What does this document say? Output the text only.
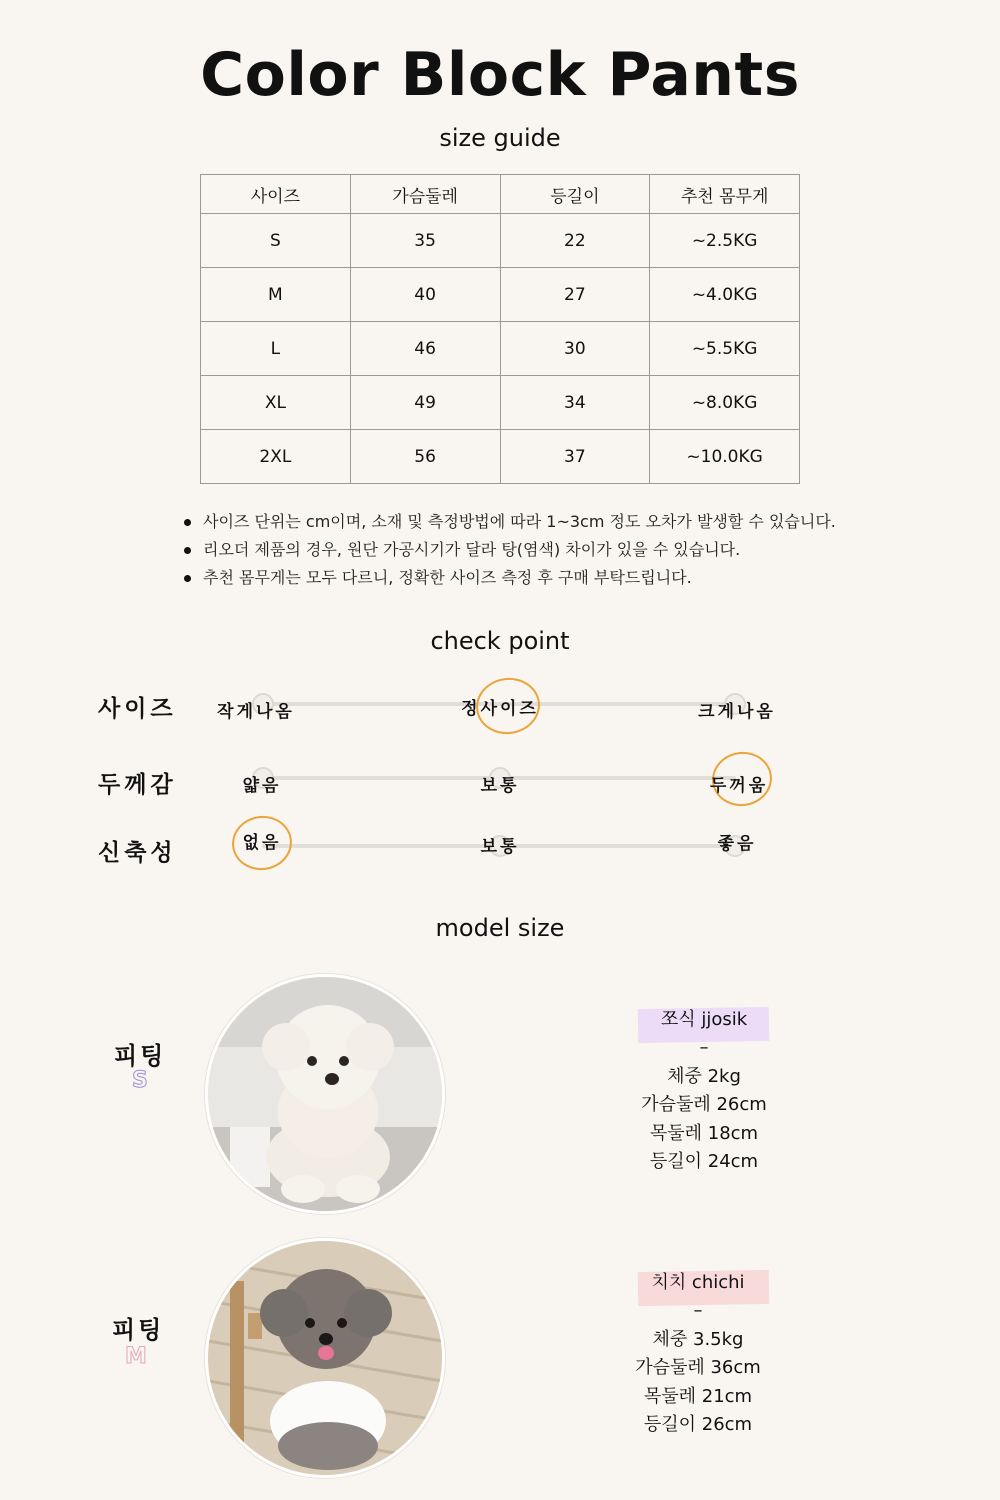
Color Block Pants
size guide
사이즈	가슴둘레	등길이	추천 몸무게
S	35	22	~2.5KG
M	40	27	~4.0KG
L	46	30	~5.5KG
XL	49	34	~8.0KG
2XL	56	37	~10.0KG
사이즈 단위는 cm이며, 소재 및 측정방법에 따라 1~3cm 정도 오차가 발생할 수 있습니다.
리오더 제품의 경우, 원단 가공시기가 달라 탕(염색) 차이가 있을 수 있습니다.
추천 몸무게는 모두 다르니, 정확한 사이즈 측정 후 구매 부탁드립니다.
check point
사이즈 작게나옴	정사이즈	크게나옴
두께감	얇음	보통	두꺼움
신축성	없음	보통	좋음
model size
피팅
S
쪼식 jjosik
–
체중 2kg
가슴둘레 26cm
목둘레 18cm
등길이 24cm
피팅
M
치치 chichi
–
체중 3.5kg
가슴둘레 36cm
목둘레 21cm
등길이 26cm
